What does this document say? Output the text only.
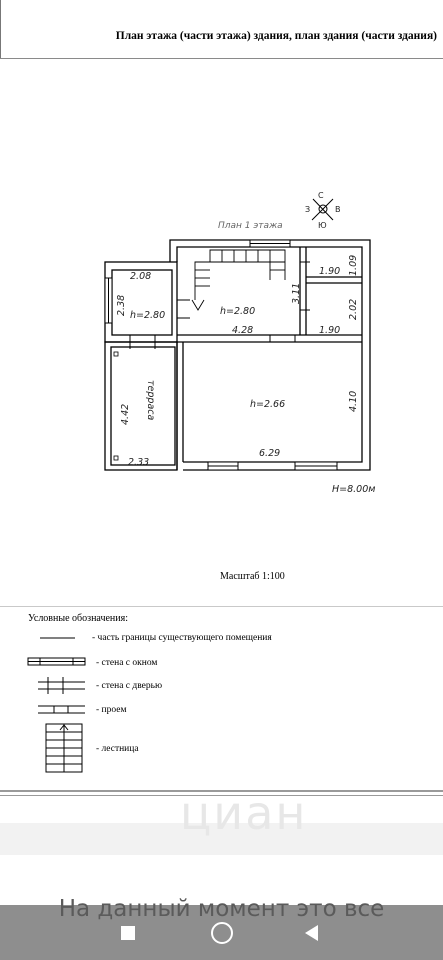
План этажа (части этажа) здания, план здания (части здания)
С
В
Ю
З
План 1 этажа
2.08
2.38 h=2.80	h=2.80
4.28
3.11
1.90 1.09
1.90
2.02
h=2.66
6.29
4.10
терраса
4.42
2.33
H=8.00м
Масштаб 1:100
Условные обозначения:
- часть границы существующего помещения
- стена с окном
- стена с дверью
- проем
- лестница
циан
На данный момент это все
